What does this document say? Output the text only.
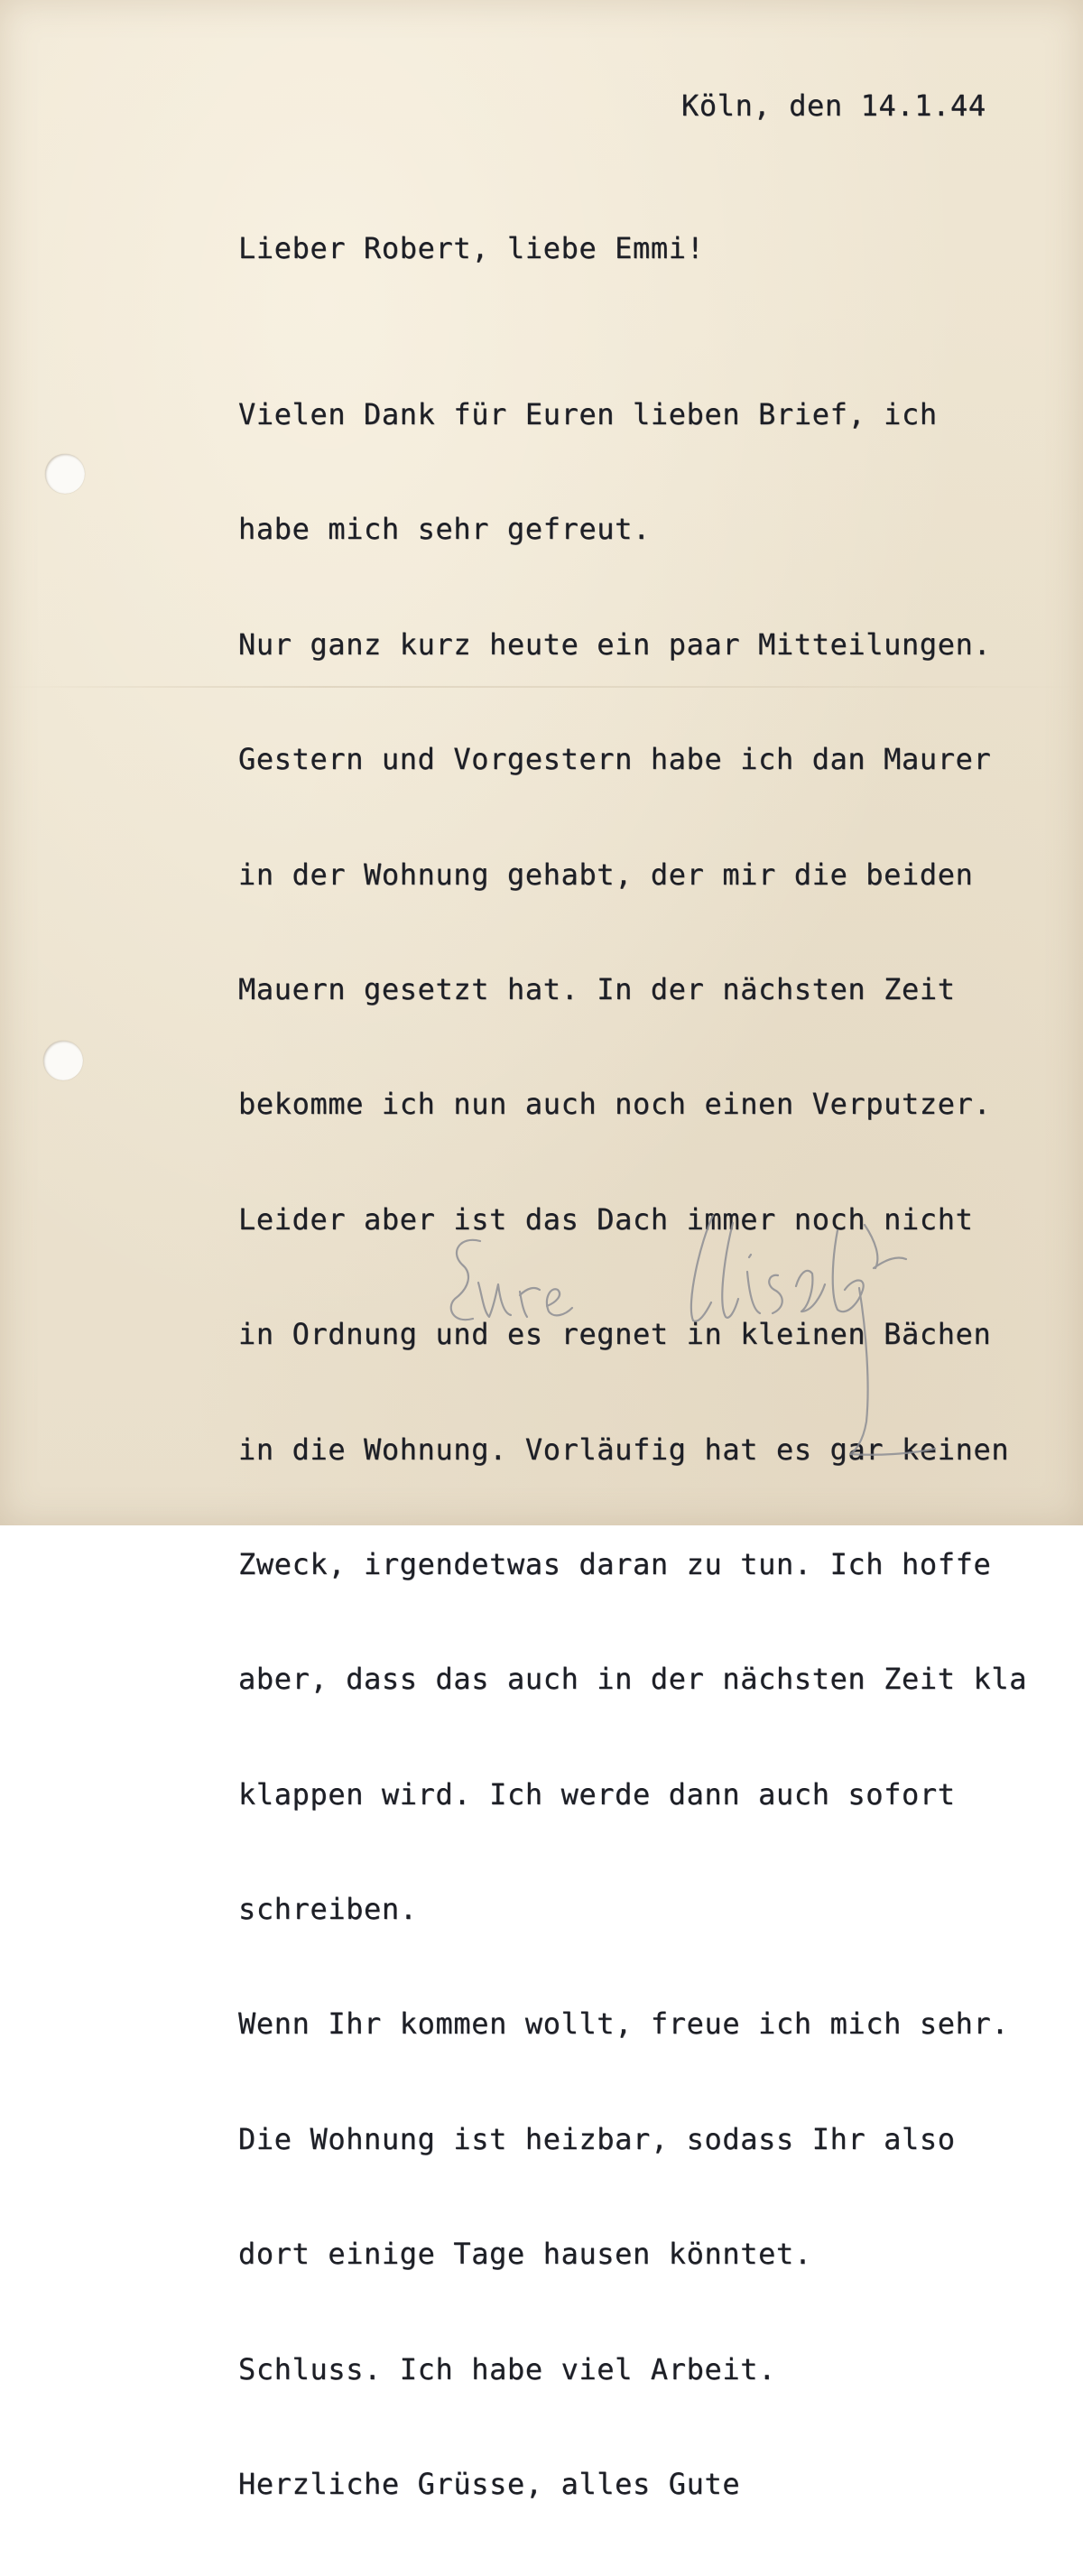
Köln, den 14.1.44
Lieber Robert, liebe Emmi!

Vielen Dank für Euren lieben Brief, ich

habe mich sehr gefreut.

Nur ganz kurz heute ein paar Mitteilungen.

Gestern und Vorgestern habe ich dan Maurer

in der Wohnung gehabt, der mir die beiden

Mauern gesetzt hat. In der nächsten Zeit

bekomme ich nun auch noch einen Verputzer.

Leider aber ist das Dach immer noch nicht

in Ordnung und es regnet in kleinen Bächen

in die Wohnung. Vorläufig hat es gar keinen

Zweck, irgendetwas daran zu tun. Ich hoffe

aber, dass das auch in der nächsten Zeit kla

klappen wird. Ich werde dann auch sofort

schreiben.

Wenn Ihr kommen wollt, freue ich mich sehr.

Die Wohnung ist heizbar, sodass Ihr also

dort einige Tage hausen könntet.

Schluss. Ich habe viel Arbeit.

Herzliche Grüsse, alles Gute
